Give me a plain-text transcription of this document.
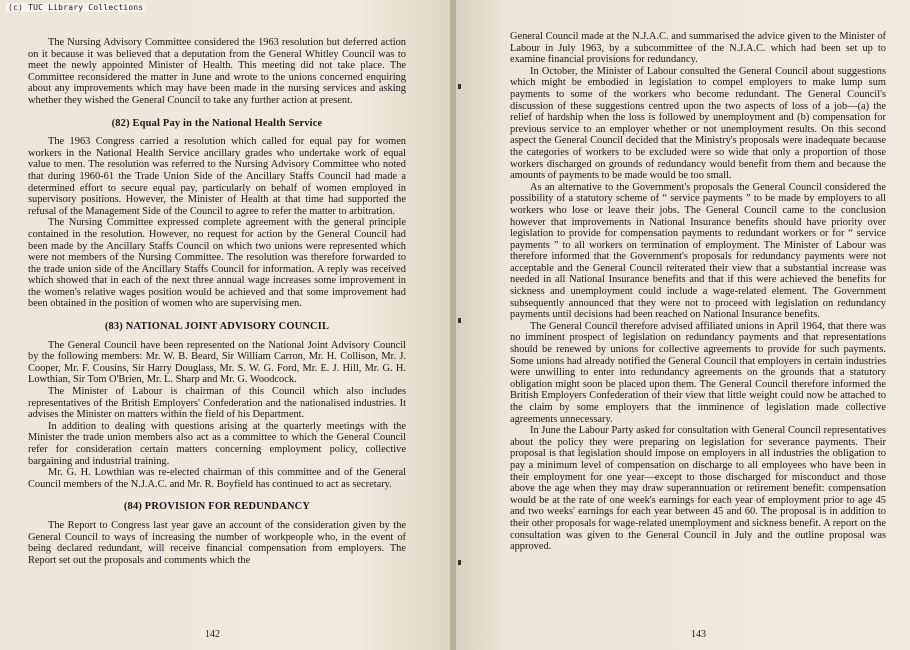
(c) TUC Library Collections

The Nursing Advisory Committee considered the 1963 resolution but deferred action on it because it was believed that a deputation from the General Whitley Council was to meet the newly appointed Minister of Health. This meeting did not take place. The Committee reconsidered the matter in June and wrote to the unions concerned enquiring about any improvements which may have been made in the nursing services and asking whether they wished the General Council to take any further action at present.

(82) Equal Pay in the National Health Service

The 1963 Congress carried a resolution which called for equal pay for women workers in the National Health Service ancillary grades who undertake work of equal value to men. The resolution was referred to the Nursing Advisory Committee who noted that during 1960-61 the Trade Union Side of the Ancillary Staffs Council had made a determined effort to secure equal pay, particularly on behalf of women employed in supervisory positions. However, the Minister of Health at that time had supported the refusal of the Management Side of the Council to agree to refer the matter to arbitration.

The Nursing Committee expressed complete agreement with the general principle contained in the resolution. However, no request for action by the General Council had been made by the Ancillary Staffs Council on which two unions were represented which were not members of the Nursing Committee. The resolution was therefore forwarded to the trade union side of the Ancillary Staffs Council for information. A reply was received which showed that in each of the next three annual wage increases some improvement in the women's relative wages position would be achieved and that some improvement had been obtained in the position of women who are supervising men.

(83) NATIONAL JOINT ADVISORY COUNCIL

The General Council have been represented on the National Joint Advisory Council by the following members: Mr. W. B. Beard, Sir William Carron, Mr. H. Collison, Mr. J. Cooper, Mr. F. Cousins, Sir Harry Douglass, Mr. S. W. G. Ford, Mr. E. J. Hill, Mr. G. H. Lowthian, Sir Tom O'Brien, Mr. L. Sharp and Mr. G. Woodcock.

The Minister of Labour is chairman of this Council which also includes representatives of the British Employers' Confederation and the nationalised industries. It advises the Minister on matters within the field of his Department.

In addition to dealing with questions arising at the quarterly meetings with the Minister the trade union members also act as a committee to which the General Council refer for consideration certain matters concerning employment policy, collective bargaining and industrial training.

Mr. G. H. Lowthian was re-elected chairman of this committee and of the General Council members of the N.J.A.C. and Mr. R. Boyfield has continued to act as secretary.

(84) PROVISION FOR REDUNDANCY

The Report to Congress last year gave an account of the consideration given by the General Council to ways of increasing the number of workpeople who, in the event of being declared redundant, will receive financial compensation from employers. The Report set out the proposals and comments which the

142

General Council made at the N.J.A.C. and summarised the advice given to the Minister of Labour in July 1963, by a subcommittee of the N.J.A.C. which had been set up to examine financial provisions for redundancy.

In October, the Minister of Labour consulted the General Council about suggestions which might be embodied in legislation to compel employers to make lump sum payments to some of the workers who become redundant. The General Council's discussion of these suggestions centred upon the two aspects of loss of a job—(a) the relief of hardship when the loss is followed by unemployment and (b) compensation for previous service to an employer whether or not unemployment results. On this second aspect the General Council decided that the Ministry's proposals were inadequate because the categories of workers to be excluded were so wide that only a proportion of those workers discharged on grounds of redundancy would benefit from them and because the amounts of payments to be made would be too small.

As an alternative to the Government's proposals the General Council considered the possibility of a statutory scheme of “ service payments ” to be made by employers to all workers who lose or leave their jobs. The General Council came to the conclusion however that improvements in National Insurance benefits should have priority over legislation to provide for compensation payments to redundant workers or for “ service payments ” to all workers on termination of employment. The Minister of Labour was therefore informed that the Government's proposals for redundancy payments were not acceptable and the General Council reiterated their view that a substantial increase was needed in all National Insurance benefits and that if this were achieved the benefits for sickness and unemployment could include a wage-related element. The Government subsequently announced that they were not to proceed with legislation on redundancy payments until decisions had been reached on National Insurance benefits.

The General Council therefore advised affiliated unions in April 1964, that there was no imminent prospect of legislation on redundancy payments and that representations should be renewed by unions for collective agreements to provide for such payments. Some unions had already notified the General Council that employers in certain industries were unwilling to enter into redundancy agreements on the grounds that a statutory obligation might soon be placed upon them. The General Council therefore informed the British Employers Confederation of their view that little weight could now be attached to the claim by some employers that the imminence of legislation made collective agreements unnecessary.

In June the Labour Party asked for consultation with General Council representatives about the policy they were preparing on legislation for severance payments. Their proposal is that legislation should impose on employers in all industries the obligation to pay a minimum level of compensation on discharge to all employees who have been in their employment for one year—except to those discharged for misconduct and those above the age when they may draw superannuation or retirement benefit: compensation would be at the rate of one week's earnings for each year of employment prior to age 45 and two weeks' earnings for each year between 45 and 60. The proposal is in addition to their other proposals for wage-related unemployment and sickness benefit. A report on the consultation was given to the General Council in July and the outline proposal was approved.

143
